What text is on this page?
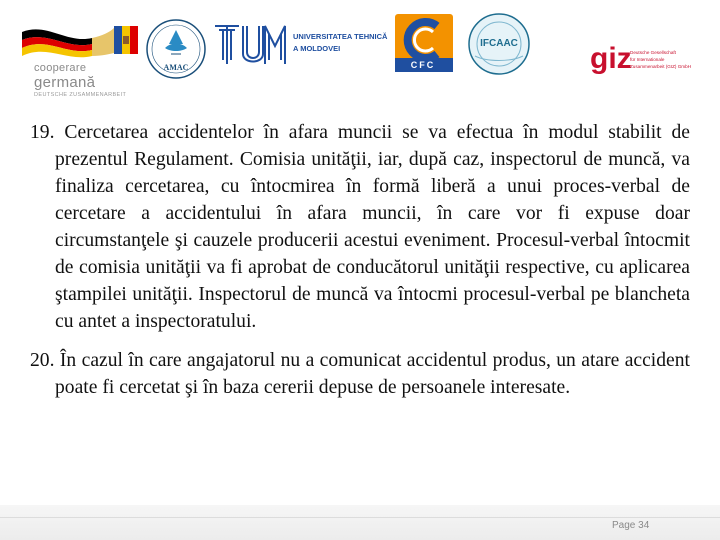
cooperare
germană
DEUTSCHE ZUSAMMENARBEIT
AMAC
UNIVERSITATEA TEHNICĂ
A MOLDOVEI
CFC
IFCAAC	giz
Deutsche Gesellschaft
für Internationale
Zusammenarbeit (GIZ) GmbH

19. Cercetarea accidentelor în afara muncii se va efectua în modul stabilit de prezentul Regulament. Comisia unităţii, iar, după caz, inspectorul de muncă, va finaliza cercetarea, cu întocmirea în formă liberă a unui proces-verbal de cercetare a accidentului în afara muncii, în care vor fi expuse doar circumstanţele şi cauzele producerii acestui eveniment. Procesul-verbal întocmit de comisia unităţii va fi aprobat de conducătorul unităţii respective, cu aplicarea ştampilei unităţii. Inspectorul de muncă va întocmi procesul-verbal pe blancheta cu antet a inspectoratului.

20. În cazul în care angajatorul nu a comunicat accidentul produs, un atare accident poate fi cercetat şi în baza cererii depuse de persoanele interesate.

Page 34
